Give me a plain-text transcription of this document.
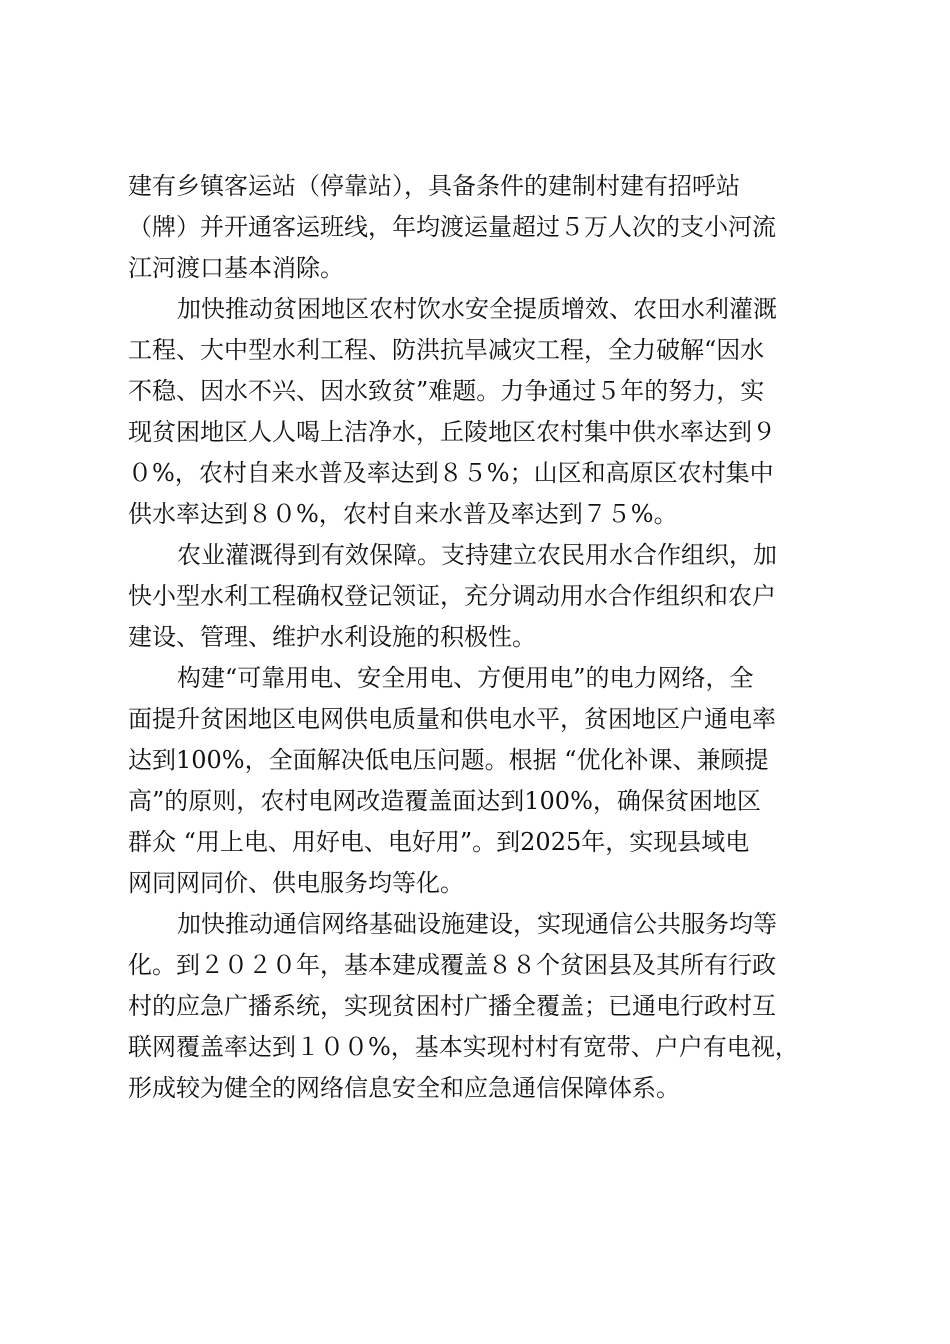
建有乡镇客运站（停靠站），具备条件的建制村建有招呼站
（牌）并开通客运班线，年均渡运量超过５万人次的支小河流
江河渡口基本消除。
加快推动贫困地区农村饮水安全提质增效、农田水利灌溉
工程、大中型水利工程、防洪抗旱减灾工程，全力破解“因水
不稳、因水不兴、因水致贫”难题。力争通过５年的努力，实
现贫困地区人人喝上洁净水，丘陵地区农村集中供水率达到９
０%，农村自来水普及率达到８５%；山区和高原区农村集中
供水率达到８０%，农村自来水普及率达到７５%。
农业灌溉得到有效保障。支持建立农民用水合作组织，加
快小型水利工程确权登记领证，充分调动用水合作组织和农户
建设、管理、维护水利设施的积极性。
构建“可靠用电、安全用电、方便用电”的电力网络，全
面提升贫困地区电网供电质量和供电水平，贫困地区户通电率
达到100%，全面解决低电压问题。根据 “优化补课、兼顾提
高”的原则，农村电网改造覆盖面达到100%，确保贫困地区
群众 “用上电、用好电、电好用”。到2025年，实现县域电
网同网同价、供电服务均等化。
加快推动通信网络基础设施建设，实现通信公共服务均等
化。到２０２０年，基本建成覆盖８８个贫困县及其所有行政
村的应急广播系统，实现贫困村广播全覆盖；已通电行政村互
联网覆盖率达到１００%，基本实现村村有宽带、户户有电视，
形成较为健全的网络信息安全和应急通信保障体系。
